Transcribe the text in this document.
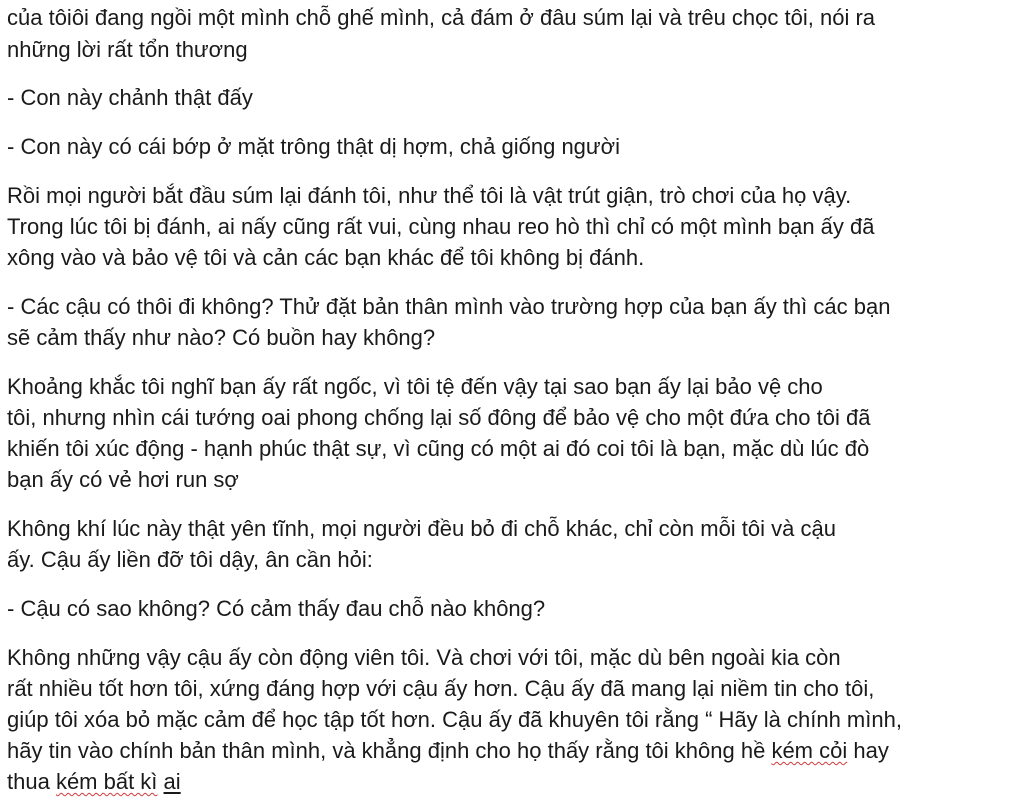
của tôiôi đang ngồi một mình chỗ ghế mình, cả đám ở đâu súm lại và trêu chọc tôi, nói ra
những lời rất tổn thương
- Con này chảnh thật đấy
- Con này có cái bớp ở mặt trông thật dị hợm, chả giống người
Rồi mọi người bắt đầu súm lại đánh tôi, như thể tôi là vật trút giận, trò chơi của họ vậy.
Trong lúc tôi bị đánh, ai nấy cũng rất vui, cùng nhau reo hò thì chỉ có một mình bạn ấy đã
xông vào và bảo vệ tôi và cản các bạn khác để tôi không bị đánh.
- Các cậu có thôi đi không? Thử đặt bản thân mình vào trường hợp của bạn ấy thì các bạn
sẽ cảm thấy như nào? Có buồn hay không?
Khoảng khắc tôi nghĩ bạn ấy rất ngốc, vì tôi tệ đến vậy tại sao bạn ấy lại bảo vệ cho
tôi, nhưng nhìn cái tướng oai phong chống lại số đông để bảo vệ cho một đứa cho tôi đã
khiến tôi xúc động - hạnh phúc thật sự, vì cũng có một ai đó coi tôi là bạn, mặc dù lúc đò
bạn ấy có vẻ hơi run sợ
Không khí lúc này thật yên tĩnh, mọi người đều bỏ đi chỗ khác, chỉ còn mỗi tôi và cậu
ấy. Cậu ấy liền đỡ tôi dậy, ân cần hỏi:
- Cậu có sao không? Có cảm thấy đau chỗ nào không?
Không những vậy cậu ấy còn động viên tôi. Và chơi với tôi, mặc dù bên ngoài kia còn
rất nhiều tốt hơn tôi, xứng đáng hợp với cậu ấy hơn. Cậu ấy đã mang lại niềm tin cho tôi,
giúp tôi xóa bỏ mặc cảm để học tập tốt hơn. Cậu ấy đã khuyên tôi rằng “ Hãy là chính mình,
hãy tin vào chính bản thân mình, và khẳng định cho họ thấy rằng tôi không hề kém cỏi hay
thua kém bất kì ai
